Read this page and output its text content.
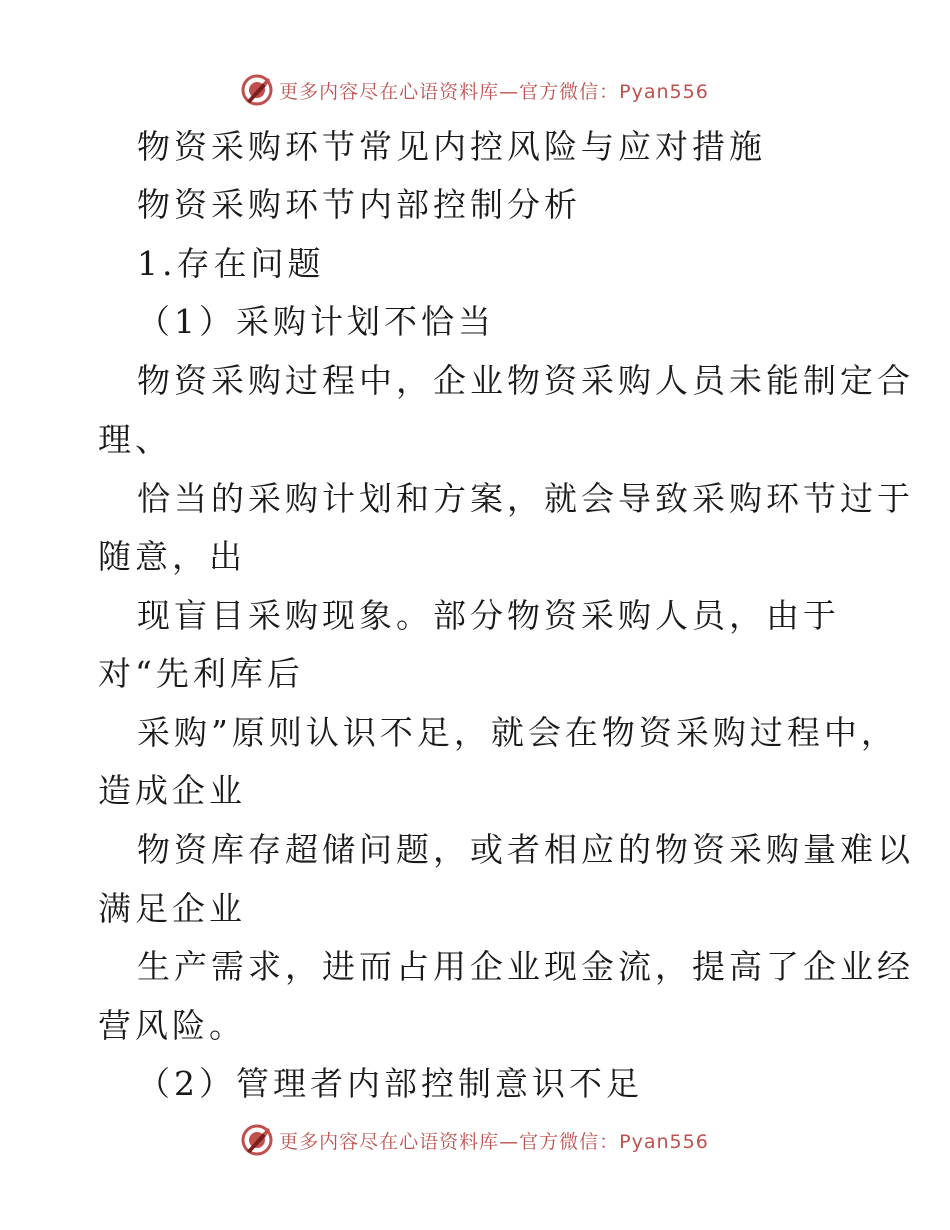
更多内容尽在心语资料库—官方微信：Pyan556
物资采购环节常见内控风险与应对措施
物资采购环节内部控制分析
1.存在问题
（1）采购计划不恰当
物资采购过程中，企业物资采购人员未能制定合
理、
恰当的采购计划和方案，就会导致采购环节过于
随意，出
现盲目采购现象。部分物资采购人员，由于
对“先利库后
采购”原则认识不足，就会在物资采购过程中，
造成企业
物资库存超储问题，或者相应的物资采购量难以
满足企业
生产需求，进而占用企业现金流，提高了企业经
营风险。
（2）管理者内部控制意识不足
更多内容尽在心语资料库—官方微信：Pyan556
